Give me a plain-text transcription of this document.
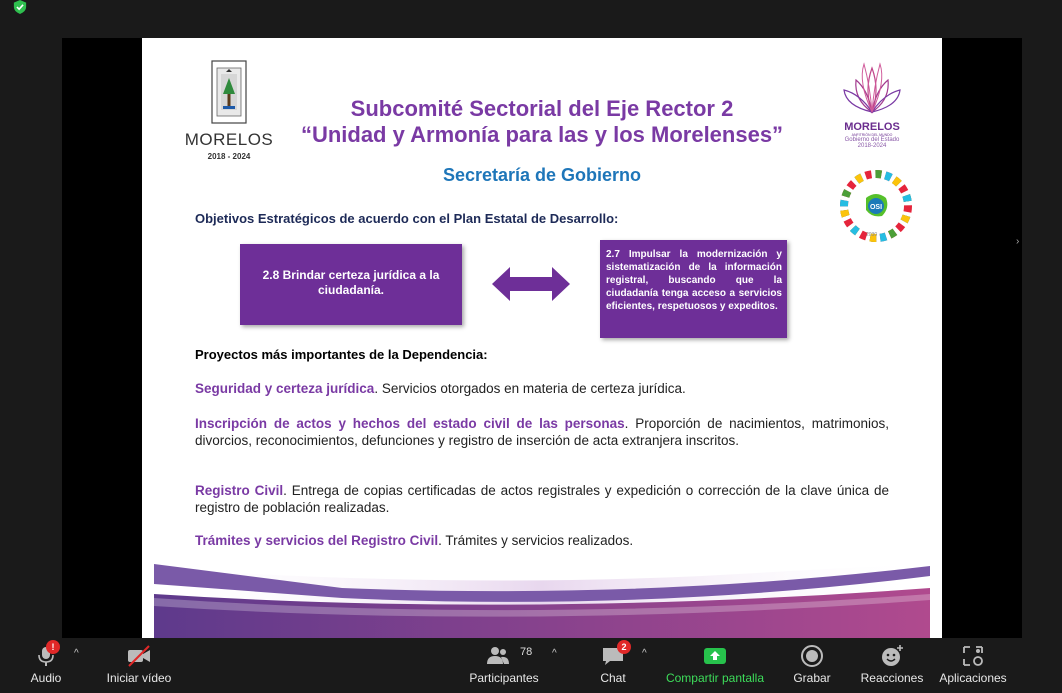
›
MORELOS
2018 - 2024
Subcomité Sectorial del Eje Rector 2
“Unidad y Armonía para las y los Morelenses”
Secretaría de Gobierno
MORELOS
ANFITRIÓN DEL MUNDO
Gobierno del Estado
2018-2024
OSI
2030
Objetivos Estratégicos de acuerdo con el Plan Estatal de Desarrollo:
2.8 Brindar certeza jurídica a la ciudadanía.
2.7 Impulsar la modernización y sistematización de la información registral, buscando que la ciudadanía tenga acceso a servicios eficientes, respetuosos y expeditos.
Proyectos más importantes de la Dependencia:
Seguridad y certeza jurídica. Servicios otorgados en materia de certeza jurídica.
Inscripción de actos y hechos del estado civil de las personas. Proporción de nacimientos, matrimonios, divorcios, reconocimientos, defunciones y registro de inserción de acta extranjera inscritos.
Registro Civil. Entrega de copias certificadas de actos registrales y expedición o corrección de la clave única de registro de población realizadas.
Trámites y servicios del Registro Civil. Trámites y servicios realizados.
!
Audio
^
Iniciar vídeo
78
Participantes
^
2
Chat
^
Compartir pantalla Grabar Reacciones Aplicaciones
